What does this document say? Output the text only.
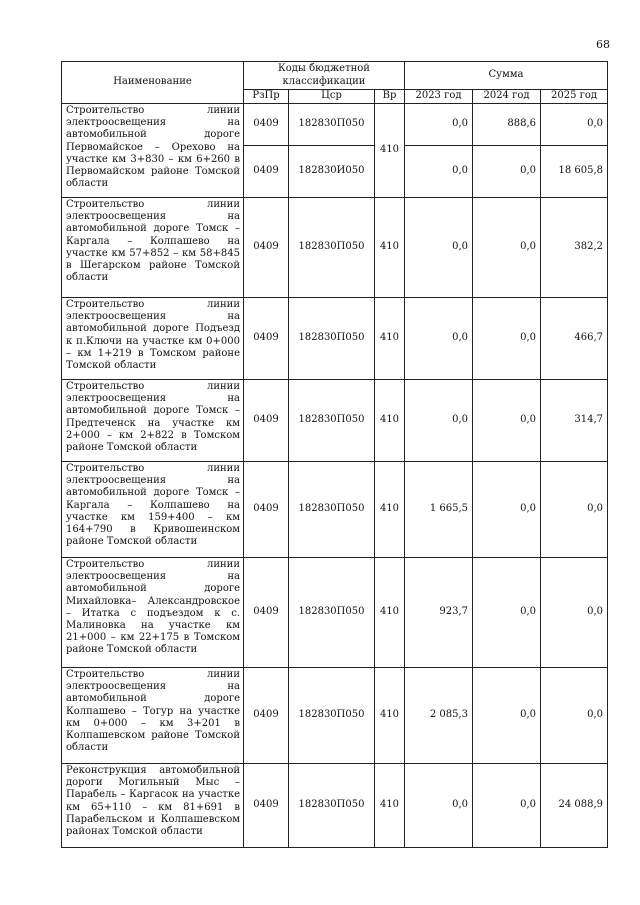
68
Наименование	Коды бюджетной классификации			Сумма		
	РзПр	Цср	Вр	2023 год	2024 год	2025 год
Строительство линии электроосвещения на автомобильной дороге Первомайское – Орехово на участке км 3+830 – км 6+260 в Первомайском районе Томской области	0409	182830П050	410	0,0	888,6	0,0
	0409	182830И050		0,0	0,0	18 605,8
Строительство линии электроосвещения на автомобильной дороге Томск – Каргала – Колпашево на участке км 57+852 – км 58+845 в Шегарском районе Томской области	0409	182830П050	410	0,0	0,0	382,2
Строительство линии электроосвещения на автомобильной дороге Подъезд к п.Ключи на участке км 0+000 – км 1+219 в Томском районе Томской области	0409	182830П050	410	0,0	0,0	466,7
Строительство линии электроосвещения на автомобильной дороге Томск – Предтеченск на участке км 2+000 – км 2+822 в Томском районе Томской области	0409	182830П050	410	0,0	0,0	314,7
Строительство линии электроосвещения на автомобильной дороге Томск – Каргала – Колпашево на участке км 159+400 – км 164+790 в Кривошеинском районе Томской области	0409	182830П050	410	1 665,5	0,0	0,0
Строительство линии электроосвещения на автомобильной дороге Михайловка– Александровское – Итатка с подъездом к с. Малиновка на участке км 21+000 – км 22+175 в Томском районе Томской области	0409	182830П050	410	923,7	0,0	0,0
Строительство линии электроосвещения на автомобильной дороге Колпашево – Тогур на участке км 0+000 – км 3+201 в Колпашевском районе Томской области	0409	182830П050	410	2 085,3	0,0	0,0
Реконструкция автомобильной дороги Могильный Мыс – Парабель – Каргасок на участке км 65+110 – км 81+691 в Парабельском и Колпашевском районах Томской области	0409	182830П050	410	0,0	0,0	24 088,9
